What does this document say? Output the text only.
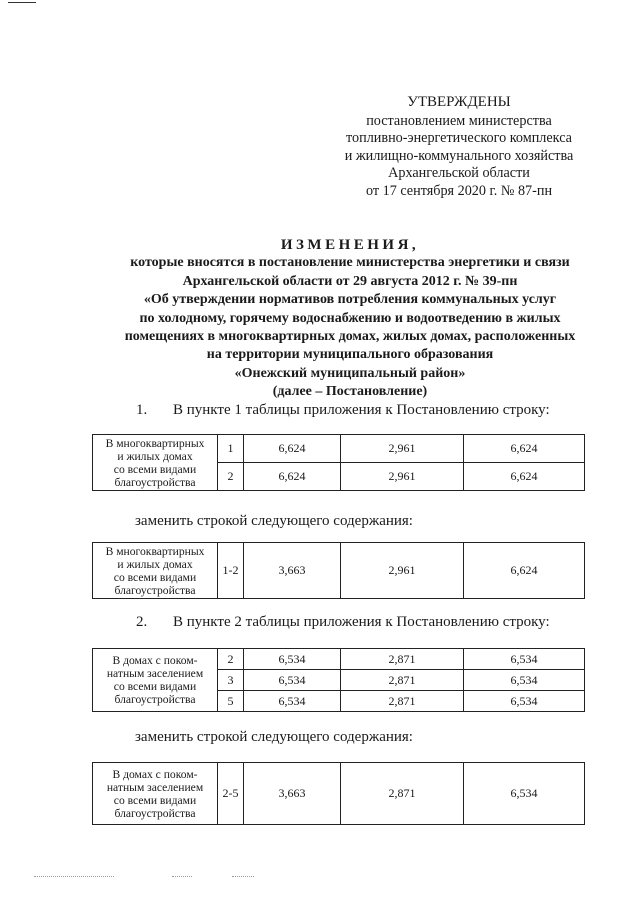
УТВЕРЖДЕНЫ
постановлением министерства
топливно-энергетического комплекса
и жилищно-коммунального хозяйства
Архангельской области
от 17 сентября 2020 г. № 87-пн
ИЗМЕНЕНИЯ,
которые вносятся в постановление министерства энергетики и связи
Архангельской области от 29 августа 2012 г. № 39-пн
«Об утверждении нормативов потребления коммунальных услуг
по холодному, горячему водоснабжению и водоотведению в жилых
помещениях в многоквартирных домах, жилых домах, расположенных
на территории муниципального образования
«Онежский муниципальный район»
(далее – Постановление)
1. В пункте 1 таблицы приложения к Постановлению строку:
В многоквартирных
и жилых домах
со всеми видами
благоустройства	1	6,624	2,961	6,624
	2	6,624	2,961	6,624
заменить строкой следующего содержания:
В многоквартирных
и жилых домах
со всеми видами
благоустройства
	1-2	3,663	2,961	6,624
2. В пункте 2 таблицы приложения к Постановлению строку:
В домах с поком-
натным заселением
со всеми видами
благоустройства	2	6,534	2,871	6,534
	3	6,534	2,871	6,534
	5	6,534	2,871	6,534
заменить строкой следующего содержания:
В домах с поком-
натным заселением
со всеми видами
благоустройства
	2-5	3,663	2,871	6,534
